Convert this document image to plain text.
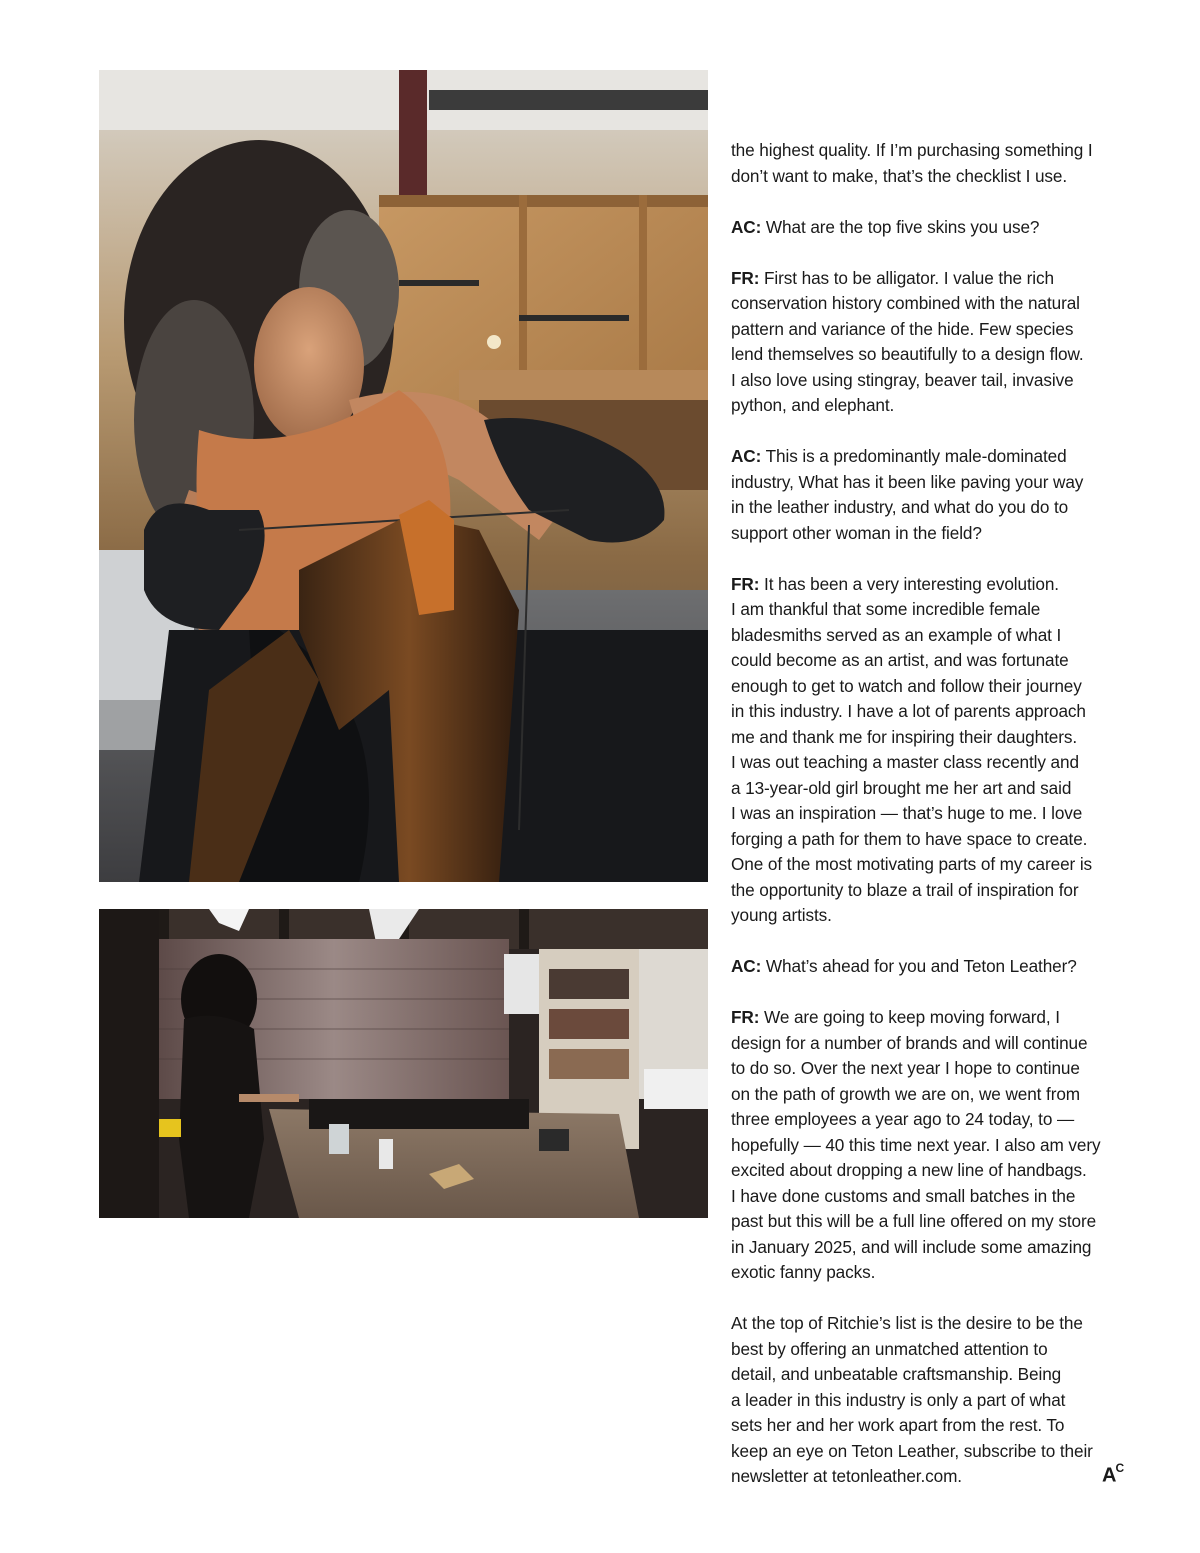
the highest quality. If I’m purchasing something I
don’t want to make, that’s the checklist I use.

AC: What are the top five skins you use?

FR: First has to be alligator. I value the rich
conservation history combined with the natural
pattern and variance of the hide. Few species
lend themselves so beautifully to a design flow.
I also love using stingray, beaver tail, invasive
python, and elephant.

AC: This is a predominantly male-dominated
industry, What has it been like paving your way
in the leather industry, and what do you do to
support other woman in the field?

FR: It has been a very interesting evolution.
I am thankful that some incredible female
bladesmiths served as an example of what I
could become as an artist, and was fortunate
enough to get to watch and follow their journey
in this industry. I have a lot of parents approach
me and thank me for inspiring their daughters.
I was out teaching a master class recently and
a 13-year-old girl brought me her art and said
I was an inspiration — that’s huge to me. I love
forging a path for them to have space to create.
One of the most motivating parts of my career is
the opportunity to blaze a trail of inspiration for
young artists.

AC: What’s ahead for you and Teton Leather?

FR: We are going to keep moving forward, I
design for a number of brands and will continue
to do so. Over the next year I hope to continue
on the path of growth we are on, we went from
three employees a year ago to 24 today, to —
hopefully — 40 this time next year. I also am very
excited about dropping a new line of handbags.
I have done customs and small batches in the
past but this will be a full line offered on my store
in January 2025, and will include some amazing
exotic fanny packs.

At the top of Ritchie’s list is the desire to be the
best by offering an unmatched attention to
detail, and unbeatable craftsmanship. Being
a leader in this industry is only a part of what
sets her and her work apart from the rest. To
keep an eye on Teton Leather, subscribe to their
newsletter at tetonleather.com.	$A^C$
